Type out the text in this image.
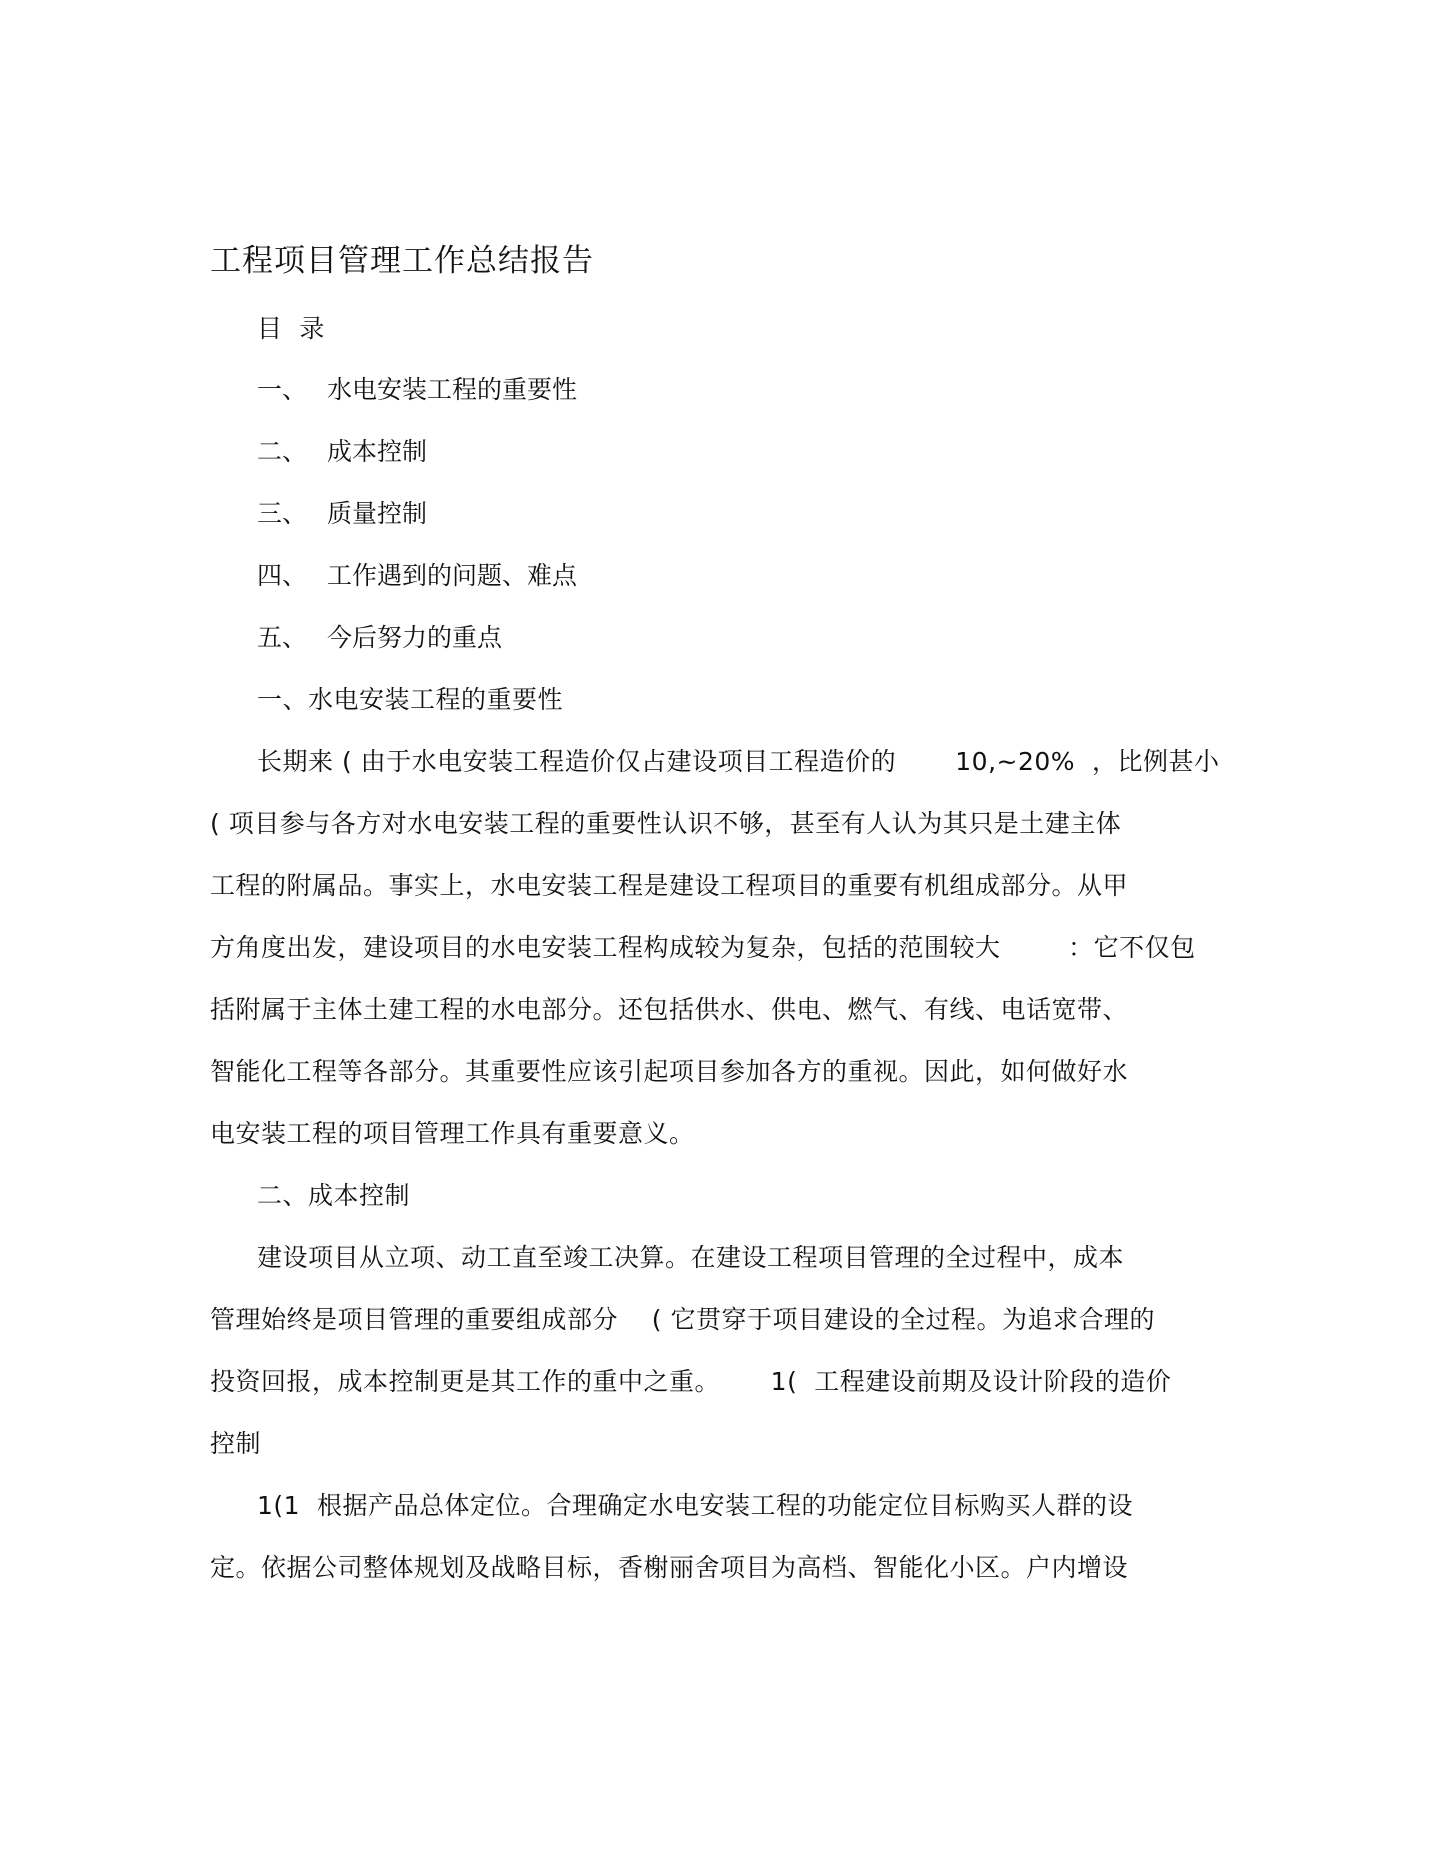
工程项目管理工作总结报告
目  录
一、 水电安装工程的重要性
二、 成本控制
三、 质量控制
四、 工作遇到的问题、难点
五、 今后努力的重点
一、水电安装工程的重要性
长期来 ( 由于水电安装工程造价仅占建设项目工程造价的       10,~20%  ，比例甚小
( 项目参与各方对水电安装工程的重要性认识不够，甚至有人认为其只是土建主体
工程的附属品。事实上，水电安装工程是建设工程项目的重要有机组成部分。从甲
方角度出发，建设项目的水电安装工程构成较为复杂，包括的范围较大        ：它不仅包
括附属于主体土建工程的水电部分。还包括供水、供电、燃气、有线、电话宽带、
智能化工程等各部分。其重要性应该引起项目参加各方的重视。因此，如何做好水
电安装工程的项目管理工作具有重要意义。
二、成本控制
建设项目从立项、动工直至竣工决算。在建设工程项目管理的全过程中，成本
管理始终是项目管理的重要组成部分    ( 它贯穿于项目建设的全过程。为追求合理的
投资回报，成本控制更是其工作的重中之重。      1(  工程建设前期及设计阶段的造价
控制
1(1  根据产品总体定位。合理确定水电安装工程的功能定位目标购买人群的设
定。依据公司整体规划及战略目标，香榭丽舍项目为高档、智能化小区。户内增设
